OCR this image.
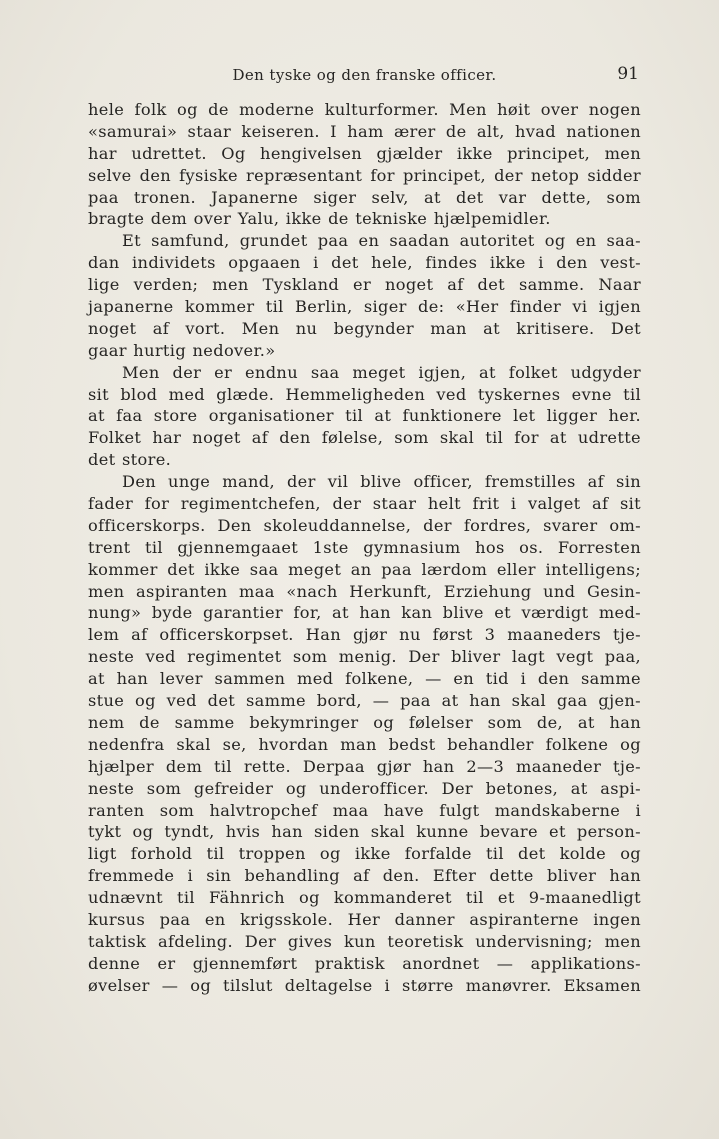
Den tyske og den franske officer.	91
hele folk og de moderne kulturformer. Men høit over nogen
«samurai» staar keiseren. I ham ærer de alt, hvad nationen
har udrettet. Og hengivelsen gjælder ikke principet, men
selve den fysiske repræsentant for principet, der netop sidder
paa tronen. Japanerne siger selv, at det var dette, som
bragte dem over Yalu, ikke de tekniske hjælpemidler.
Et samfund, grundet paa en saadan autoritet og en saa-
dan individets opgaaen i det hele, findes ikke i den vest-
lige verden; men Tyskland er noget af det samme. Naar
japanerne kommer til Berlin, siger de: «Her finder vi igjen
noget af vort. Men nu begynder man at kritisere. Det
gaar hurtig nedover.»
Men der er endnu saa meget igjen, at folket udgyder
sit blod med glæde. Hemmeligheden ved tyskernes evne til
at faa store organisationer til at funktionere let ligger her.
Folket har noget af den følelse, som skal til for at udrette
det store.
Den unge mand, der vil blive officer, fremstilles af sin
fader for regimentchefen, der staar helt frit i valget af sit
officerskorps. Den skoleuddannelse, der fordres, svarer om-
trent til gjennemgaaet 1ste gymnasium hos os. Forresten
kommer det ikke saa meget an paa lærdom eller intelligens;
men aspiranten maa «nach Herkunft, Erziehung und Gesin-
nung» byde garantier for, at han kan blive et værdigt med-
lem af officerskorpset. Han gjør nu først 3 maaneders tje-
neste ved regimentet som menig. Der bliver lagt vegt paa,
at han lever sammen med folkene, — en tid i den samme
stue og ved det samme bord, — paa at han skal gaa gjen-
nem de samme bekymringer og følelser som de, at han
nedenfra skal se, hvordan man bedst behandler folkene og
hjælper dem til rette. Derpaa gjør han 2—3 maaneder tje-
neste som gefreider og underofficer. Der betones, at aspi-
ranten som halvtropchef maa have fulgt mandskaberne i
tykt og tyndt, hvis han siden skal kunne bevare et person-
ligt forhold til troppen og ikke forfalde til det kolde og
fremmede i sin behandling af den. Efter dette bliver han
udnævnt til Fähnrich og kommanderet til et 9-maanedligt
kursus paa en krigsskole. Her danner aspiranterne ingen
taktisk afdeling. Der gives kun teoretisk undervisning; men
denne er gjennemført praktisk anordnet — applikations-
øvelser — og tilslut deltagelse i større manøvrer. Eksamen
